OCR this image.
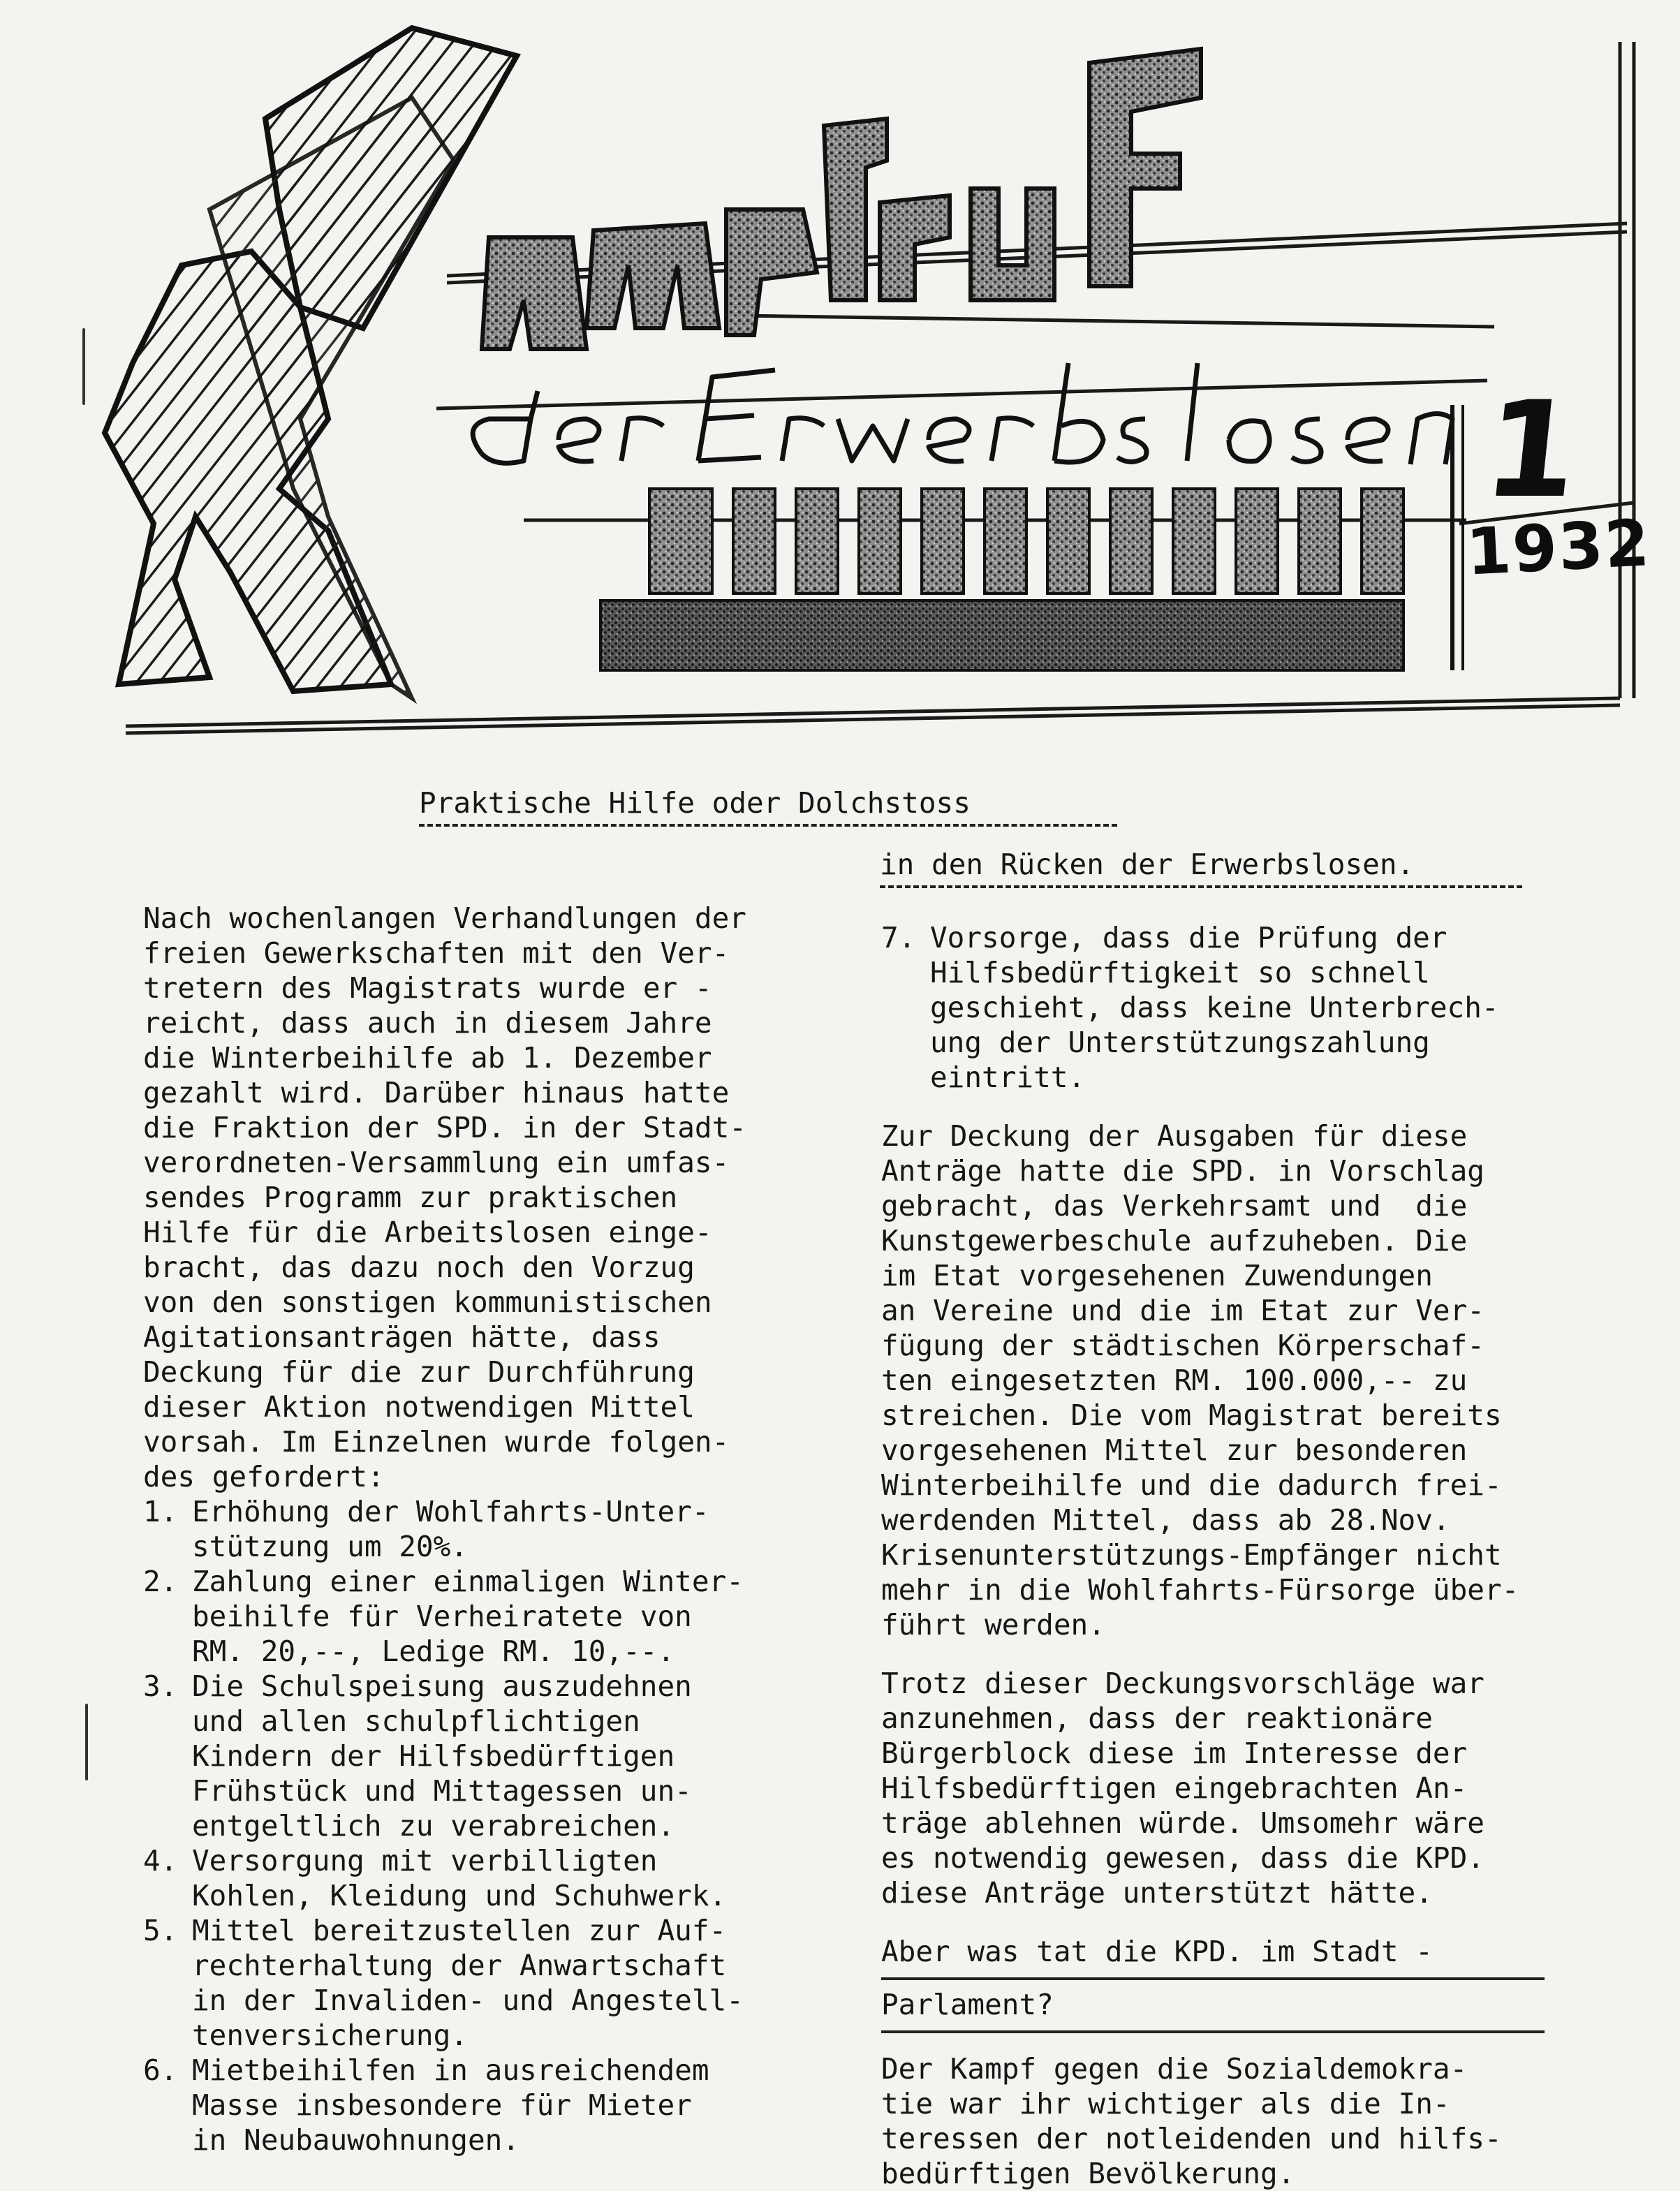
1
1932
Praktische Hilfe oder Dolchstoss
in den Rücken der Erwerbslosen.

Nach wochenlangen Verhandlungen der
freien Gewerkschaften mit den Ver-
tretern des Magistrats wurde er -
reicht, dass auch in diesem Jahre
die Winterbeihilfe ab 1. Dezember
gezahlt wird. Darüber hinaus hatte
die Fraktion der SPD. in der Stadt-
verordneten-Versammlung ein umfas-
sendes Programm zur praktischen
Hilfe für die Arbeitslosen einge-
bracht, das dazu noch den Vorzug
von den sonstigen kommunistischen
Agitationsanträgen hätte, dass
Deckung für die zur Durchführung
dieser Aktion notwendigen Mittel
vorsah. Im Einzelnen wurde folgen-
des gefordert:

1. Erhöhung der Wohlfahrts-Unter-
stützung um 20%.
2. Zahlung einer einmaligen Winter-
beihilfe für Verheiratete von
RM. 20,--, Ledige RM. 10,--.
3. Die Schulspeisung auszudehnen
und allen schulpflichtigen
Kindern der Hilfsbedürftigen
Frühstück und Mittagessen un-
entgeltlich zu verabreichen.
4. Versorgung mit verbilligten
Kohlen, Kleidung und Schuhwerk.
5. Mittel bereitzustellen zur Auf-
rechterhaltung der Anwartschaft
in der Invaliden- und Angestell-
tenversicherung.
6. Mietbeihilfen in ausreichendem
Masse insbesondere für Mieter
in Neubauwohnungen.
7. Vorsorge, dass die Prüfung der
Hilfsbedürftigkeit so schnell
geschieht, dass keine Unterbrech-
ung der Unterstützungszahlung
eintritt.

Zur Deckung der Ausgaben für diese
Anträge hatte die SPD. in Vorschlag
gebracht, das Verkehrsamt und  die
Kunstgewerbeschule aufzuheben. Die
im Etat vorgesehenen Zuwendungen
an Vereine und die im Etat zur Ver-
fügung der städtischen Körperschaf-
ten eingesetzten RM. 100.000,-- zu
streichen. Die vom Magistrat bereits
vorgesehenen Mittel zur besonderen
Winterbeihilfe und die dadurch frei-
werdenden Mittel, dass ab 28.Nov.
Krisenunterstützungs-Empfänger nicht
mehr in die Wohlfahrts-Fürsorge über-
führt werden.

Trotz dieser Deckungsvorschläge war
anzunehmen, dass der reaktionäre
Bürgerblock diese im Interesse der
Hilfsbedürftigen eingebrachten An-
träge ablehnen würde. Umsomehr wäre
es notwendig gewesen, dass die KPD.
diese Anträge unterstützt hätte.

Aber was tat die KPD. im Stadt -

Parlament?

Der Kampf gegen die Sozialdemokra-
tie war ihr wichtiger als die In-
teressen der notleidenden und hilfs-
bedürftigen Bevölkerung.
